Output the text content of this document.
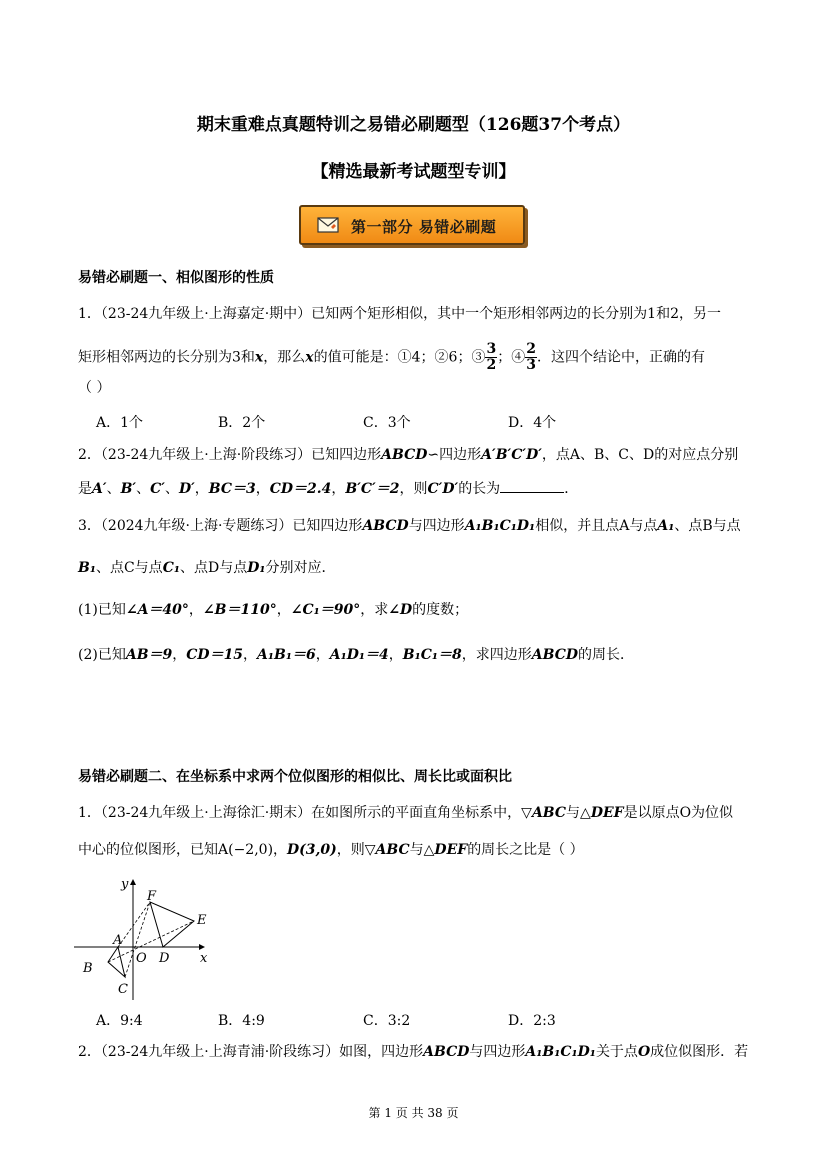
期末重难点真题特训之易错必刷题型（126题37个考点）
【精选最新考试题型专训】
第一部分 易错必刷题
易错必刷题一、相似图形的性质
1．（23-24九年级上·上海嘉定·期中）已知两个矩形相似，其中一个矩形相邻两边的长分别为1和2，另一
矩形相邻两边的长分别为3和x，那么x的值可能是：①4；②6；③ $\frac{3}{2}$ ；④ $\frac{2}{3}$ ．这四个结论中，正确的有
（ ）
A．1个	B．2个	C．3个	D．4个
2．（23-24九年级上·上海·阶段练习）已知四边形ABCD∽四边形A′B′C′D′，点A、B、C、D的对应点分别
是A′、B′、C′、D′，BC＝3，CD＝2.4，B′C′＝2，则C′D′的长为	．
3．（2024九年级·上海·专题练习）已知四边形ABCD与四边形A₁B₁C₁D₁相似，并且点A与点A₁、点B与点
B₁、点C与点C₁、点D与点D₁分别对应．
(1)已知∠A＝40°，∠B＝110°，∠C₁＝90°，求∠D的度数；
(2)已知AB＝9，CD＝15，A₁B₁＝6，A₁D₁＝4，B₁C₁＝8，求四边形ABCD的周长．
易错必刷题二、在坐标系中求两个位似图形的相似比、周长比或面积比
1．（23-24九年级上·上海徐汇·期末）在如图所示的平面直角坐标系中，▽ABC与△DEF是以原点O为位似
中心的位似图形，已知A(−2,0)，D(3,0)，则▽ABC与△DEF的周长之比是（ ）
y
x
F
E
A
O D
B
C
A．9:4	B．4:9	C．3:2	D．2:3
2．（23-24九年级上·上海青浦·阶段练习）如图，四边形ABCD与四边形A₁B₁C₁D₁关于点O成位似图形．若
第 1 页 共 38 页
